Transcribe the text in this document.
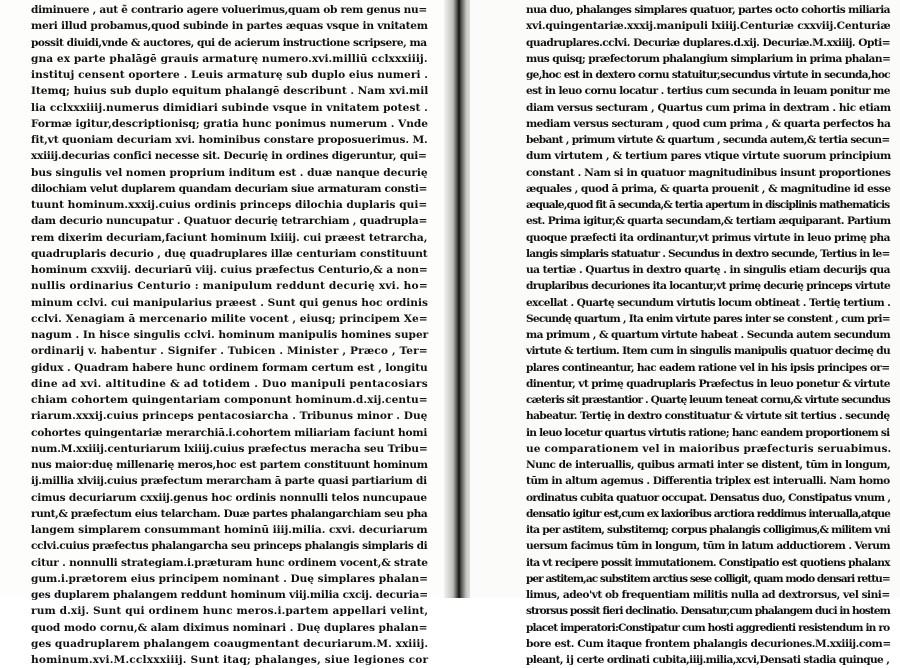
diminuere , aut ẽ contrario agere voluerimus,quam ob rem genus nu=
meri illud probamus,quod subinde in partes æquas vsque in vnitatem
possit diuidi,vnde & auctores, qui de acierum instructione scripsere, ma
gna ex parte phalāgē grauis armaturę numero.xvi.milliū cclxxxiiij.
instituj censent oportere . Leuis armaturę sub duplo eius numeri .
Itemq; huius sub duplo equitum phalangē describunt . Nam xvi.mil
lia cclxxxiiij.numerus dimidiari subinde vsque in vnitatem potest .
Formæ igitur,descriptionisq; gratia hunc ponimus numerum . Vnde
fit,vt quoniam decuriam xvi. hominibus constare proposuerimus. M.
xxiiij.decurias confici necesse sit. Decurię in ordines digeruntur, qui=
bus singulis vel nomen proprium inditum est . duæ nanque decurię
dilochiam velut duplarem quandam decuriam siue armaturam consti=
tuunt hominum.xxxij.cuius ordinis princeps dilochia duplaris qui=
dam decurio nuncupatur . Quatuor decurię tetrarchiam , quadrupla=
rem dixerim decuriam,faciunt hominum lxiiij. cui præest tetrarcha,
quadruplaris decurio , duę quadruplares illæ centuriam constituunt
hominum cxxviij. decuriarū viij. cuius præfectus Centurio,& a non=
nullis ordinarius Centurio : manipulum reddunt decurię xvi. ho=
minum cclvi. cui manipularius præest . Sunt qui genus hoc ordinis
cclvi. Xenagiam ā mercenario milite vocent , eiusq; principem Xe=
nagum . In hisce singulis cclvi. hominum manipulis homines super
ordinarij v. habentur . Signifer . Tubicen . Minister , Præco , Ter=
gidux . Quadram habere hunc ordinem formam certum est , longitu
dine ad xvi. altitudine & ad totidem . Duo manipuli pentacosiars
chiam cohortem quingentariam componunt hominum.d.xij.centu=
riarum.xxxij.cuius princeps pentacosiarcha . Tribunus minor . Duę
cohortes quingentariæ merarchiā.i.cohortem miliariam faciunt homi
num.M.xxiiij.centuriarum lxiiij.cuius præfectus meracha seu Tribu=
nus maior:duę millenarię meros,hoc est partem constituunt hominum
ij.millia xlviij.cuius præfectum merarcham ā parte quasi partiarium di
cimus decuriarum cxxiij.genus hoc ordinis nonnulli telos nuncupaue
runt,& præfectum eius telarcham. Duæ partes phalangarchiam seu pha
langem simplarem consummant hominū iiij.milia. cxvi. decuriarum
cclvi.cuius præfectus phalangarcha seu princeps phalangis simplaris di
citur . nonnulli strategiam.i.præturam hunc ordinem vocent,& strate
gum.i.prætorem eius principem nominant . Duę simplares phalan=
ges duplarem phalangem reddunt hominum viij.milia cxcij. decuria=
rum d.xij. Sunt qui ordinem hunc meros.i.partem appellari velint,
quod modo cornu,& alam diximus nominari . Duę duplares phalan=
ges quadruplarem phalangem coaugmentant decuriarum.M. xxiiij.
hominum.xvi.M.cclxxxiiij. Sunt itaq; phalanges, siue legiones cor
nua duo, phalanges simplares quatuor, partes octo cohortis miliaria
xvi.quingentariæ.xxxij.manipuli lxiiij.Centuriæ cxxviij.Centuriæ
quadruplares.cclvi. Decuriæ duplares.d.xij. Decuriæ.M.xxiiij. Opti=
mus quisq; præfectorum phalangium simplarium in prima phalan=
ge,hoc est in dextero cornu statuitur,secundus virtute in secunda,hoc
est in leuo cornu locatur . tertius cum secunda in leuam ponitur me
diam versus secturam , Quartus cum prima in dextram . hic etiam
mediam versus secturam , quod cum prima , & quarta perfectos ha
bebant , primum virtute & quartum , secunda autem,& tertia secun=
dum virtutem , & tertium pares vtique virtute suorum principium
constant . Nam si in quatuor magnitudinibus insunt proportiones
æquales , quod ā prima, & quarta prouenit , & magnitudine id esse
æquale,quod fit ā secunda,& tertia apertum in disciplinis mathematicis
est. Prima igitur,& quarta secundam,& tertiam æquiparant. Partium
quoque præfecti ita ordinantur,vt primus virtute in leuo primę pha
langis simplaris statuatur . Secundus in dextro secunde, Tertius in le=
ua tertiæ . Quartus in dextro quartę . in singulis etiam decurijs qua
druplaribus decuriones ita locantur,vt primę decurię princeps virtute
excellat . Quartę secundum virtutis locum obtineat . Tertię tertium .
Secundę quartum , Ita enim virtute pares inter se constent , cum pri=
ma primum , & quartum virtute habeat . Secunda autem secundum
virtute & tertium. Item cum in singulis manipulis quatuor decimę du
plares contineantur, hac eadem ratione vel in his ipsis principes or=
dinentur, vt primę quadruplaris Præfectus in leuo ponetur & virtute
cæteris sit præstantior . Quartę leuum teneat cornu,& virtute secundus
habeatur. Tertię in dextro constituatur & virtute sit tertius . secundę
in leuo locetur quartus virtutis ratione; hanc eandem proportionem si
ue comparationem vel in maioribus præfecturis seruabimus.
Nunc de interuallis, quibus armati inter se distent, tūm in longum,
tūm in altum agemus . Differentia triplex est interualli. Nam homo
ordinatus cubita quatuor occupat. Densatus duo, Constipatus vnum ,
densatio igitur est,cum ex laxioribus arctiora reddimus interualla,atque
ita per astitem, substitemq; corpus phalangis colligimus,& militem vni
uersum facimus tūm in longum, tūm in latum adductiorem . Verum
ita vt recipere possit immutationem. Constipatio est quotiens phalanx
per astitem,ac substitem arctius sese colligit, quam modo densari rettu=
limus, adeo'vt ob frequentiam militis nulla ad dextrorsus, vel sini=
strorsus possit fieri declinatio. Densatur,cum phalangem duci in hostem
placet imperatori:Constipatur cum hosti aggredienti resistendum in ro
bore est. Cum itaque frontem phalangis decuriones.M.xxiiij.com=
pleant, ĳ certe ordinati cubita,iiij.milia,xcvi,Densati stadia quinque ,
